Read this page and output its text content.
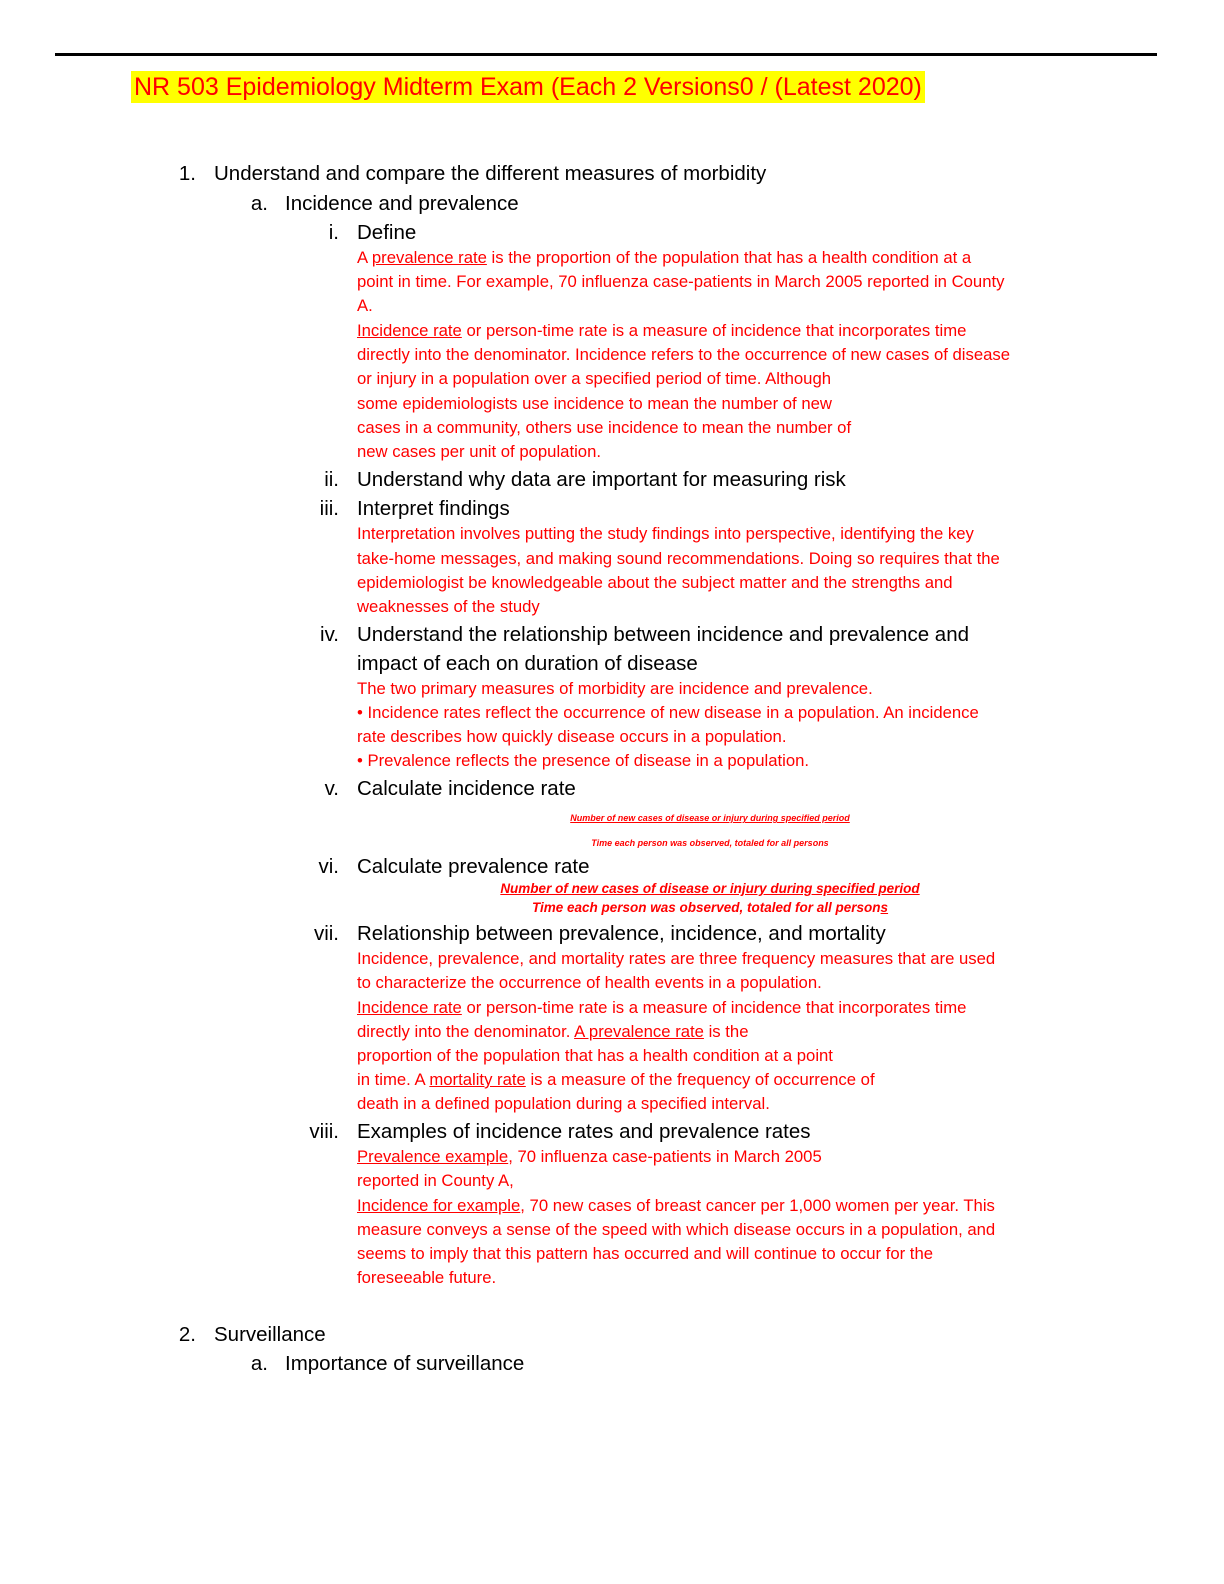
NR 503 Epidemiology Midterm Exam (Each 2 Versions0 / (Latest 2020)
1. Understand and compare the different measures of morbidity
a. Incidence and prevalence
i. Define
A prevalence rate is the proportion of the population that has a health condition at a
point in time. For example, 70 influenza case-patients in March 2005 reported in County
A.
Incidence rate or person-time rate is a measure of incidence that incorporates time
directly into the denominator. Incidence refers to the occurrence of new cases of disease
or injury in a population over a specified period of time. Although
some epidemiologists use incidence to mean the number of new
cases in a community, others use incidence to mean the number of
new cases per unit of population.
ii. Understand why data are important for measuring risk
iii. Interpret findings
Interpretation involves putting the study findings into perspective, identifying the key
take-home messages, and making sound recommendations. Doing so requires that the
epidemiologist be knowledgeable about the subject matter and the strengths and
weaknesses of the study
iv. Understand the relationship between incidence and prevalence and
impact of each on duration of disease
The two primary measures of morbidity are incidence and prevalence.
• Incidence rates reflect the occurrence of new disease in a population. An incidence
rate describes how quickly disease occurs in a population.
• Prevalence reflects the presence of disease in a population.
v. Calculate incidence rate
Number of new cases of disease or injury during specified period
Time each person was observed, totaled for all persons
vi. Calculate prevalence rate
Number of new cases of disease or injury during specified period
Time each person was observed, totaled for all persons
vii. Relationship between prevalence, incidence, and mortality
Incidence, prevalence, and mortality rates are three frequency measures that are used
to characterize the occurrence of health events in a population.
Incidence rate or person-time rate is a measure of incidence that incorporates time
directly into the denominator. A prevalence rate is the
proportion of the population that has a health condition at a point
in time. A mortality rate is a measure of the frequency of occurrence of
death in a defined population during a specified interval.
viii. Examples of incidence rates and prevalence rates
Prevalence example, 70 influenza case-patients in March 2005
reported in County A,
Incidence for example, 70 new cases of breast cancer per 1,000 women per year. This
measure conveys a sense of the speed with which disease occurs in a population, and
seems to imply that this pattern has occurred and will continue to occur for the
foreseeable future.
2. Surveillance
a. Importance of surveillance
